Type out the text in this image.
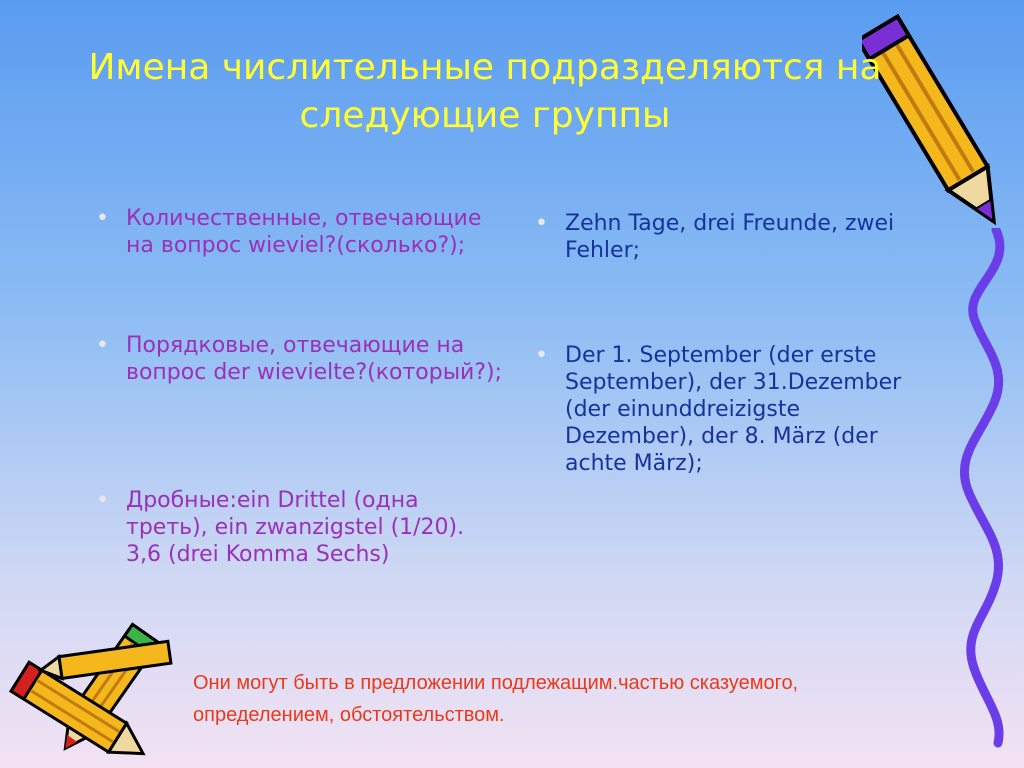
Имена числительные подразделяются на следующие группы
• Количественные, отвечающие на вопрос wieviel?(сколько?);
• Порядковые, отвечающие на вопрос der wievielte?(который?);
• Дробные:ein Drittel (одна треть), ein zwanzigstel (1/20). 3,6 (drei Komma Sechs)
• Zehn Tage, drei Freunde, zwei Fehler;
• Der 1. September (der erste September), der 31.Dezember (der einunddreizigste Dezember), der 8. März (der achte März);
Они могут быть в предложении подлежащим.частью сказуемого, определением, обстоятельством.
